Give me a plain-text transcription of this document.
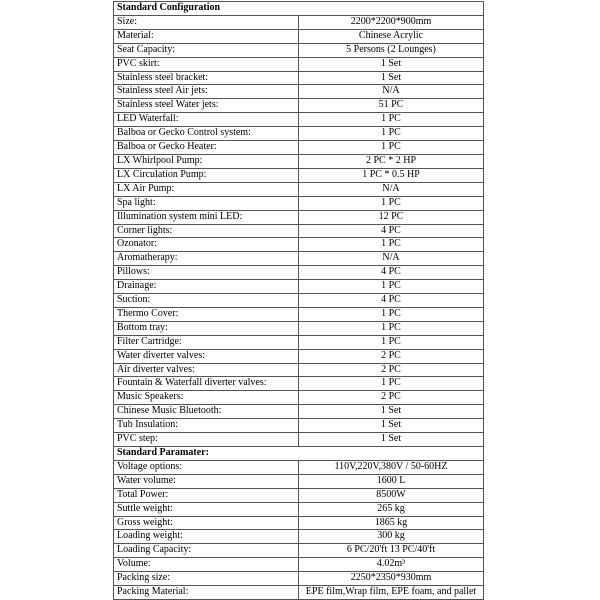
Standard Configuration	
Size:	2200*2200*900mm
Material:	Chinese Acrylic
Seat Capacity:	5 Persons (2 Lounges)
PVC skirt:	1 Set
Stainless steel bracket:	1 Set
Stainless steel Air jets:	N/A
Stainless steel Water jets:	51 PC
LED Waterfall:	1 PC
Balboa or Gecko Control system:	1 PC
Balboa or Gecko Heater:	1 PC
LX Whirlpool Pump:	2 PC * 2 HP
LX Circulation Pump:	1 PC * 0.5 HP
LX Air Pump:	N/A
Spa light:	1 PC
Illumination system mini LED:	12 PC
Corner lights:	4 PC
Ozonator:	1 PC
Aromatherapy:	N/A
Pillows:	4 PC
Drainage:	1 PC
Suction:	4 PC
Thermo Cover:	1 PC
Bottom tray:	1 PC
Filter Cartridge:	1 PC
Water diverter valves:	2 PC
Air diverter valves:	2 PC
Fountain & Waterfall diverter valves:	1 PC
Music Speakers:	2 PC
Chinese Music Bluetooth:	1 Set
Tub Insulation:	1 Set
PVC step:	1 Set
Standard Paramater:	
Voltage options:	110V,220V,380V / 50-60HZ
Water volume:	1600 L
Total Power:	8500W
Suttle weight:	265 kg
Gross weight:	1865 kg
Loading weight:	300 kg
Loading Capacity:	6 PC/20'ft 13 PC/40'ft
Volume:	4.02m³
Packing size:	2250*2350*930mm
Packing Material:	EPE film,Wrap film, EPE foam, and pallet
